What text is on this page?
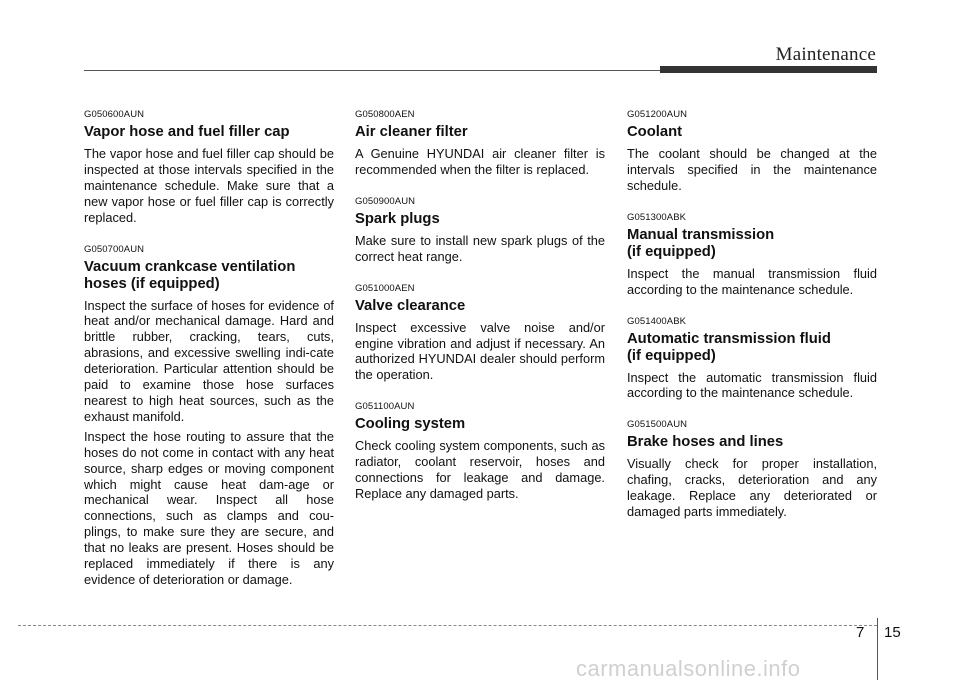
Maintenance
G050600AUN
Vapor hose and fuel filler cap

The vapor hose and fuel filler cap should be inspected at those intervals specified in the maintenance schedule. Make sure that a new vapor hose or fuel filler cap is correctly replaced.

G050700AUN
Vacuum crankcase ventilation
hoses (if equipped)

Inspect the surface of hoses for evidence of heat and/or mechanical damage. Hard and brittle rubber, cracking, tears, cuts, abrasions, and excessive swelling indi-cate deterioration. Particular attention should be paid to examine those hose surfaces nearest to high heat sources, such as the exhaust manifold.

Inspect the hose routing to assure that the hoses do not come in contact with any heat source, sharp edges or moving component which might cause heat dam-age or mechanical wear. Inspect all hose connections, such as clamps and cou-plings, to make sure they are secure, and that no leaks are present. Hoses should be replaced immediately if there is any evidence of deterioration or damage.

G050800AEN
Air cleaner filter

A Genuine HYUNDAI air cleaner filter is recommended when the filter is replaced.

G050900AUN
Spark plugs

Make sure to install new spark plugs of the correct heat range.

G051000AEN
Valve clearance

Inspect excessive valve noise and/or engine vibration and adjust if necessary. An authorized HYUNDAI dealer should perform the operation.

G051100AUN
Cooling system

Check cooling system components, such as radiator, coolant reservoir, hoses and connections for leakage and damage. Replace any damaged parts.

G051200AUN
Coolant

The coolant should be changed at the intervals specified in the maintenance schedule.

G051300ABK
Manual transmission
(if equipped)

Inspect the manual transmission fluid according to the maintenance schedule.

G051400ABK
Automatic transmission fluid
(if equipped)

Inspect the automatic transmission fluid according to the maintenance schedule.

G051500AUN
Brake hoses and lines

Visually check for proper installation, chafing, cracks, deterioration and any leakage. Replace any deteriorated or damaged parts immediately.

7 15
carmanualsonline.info
